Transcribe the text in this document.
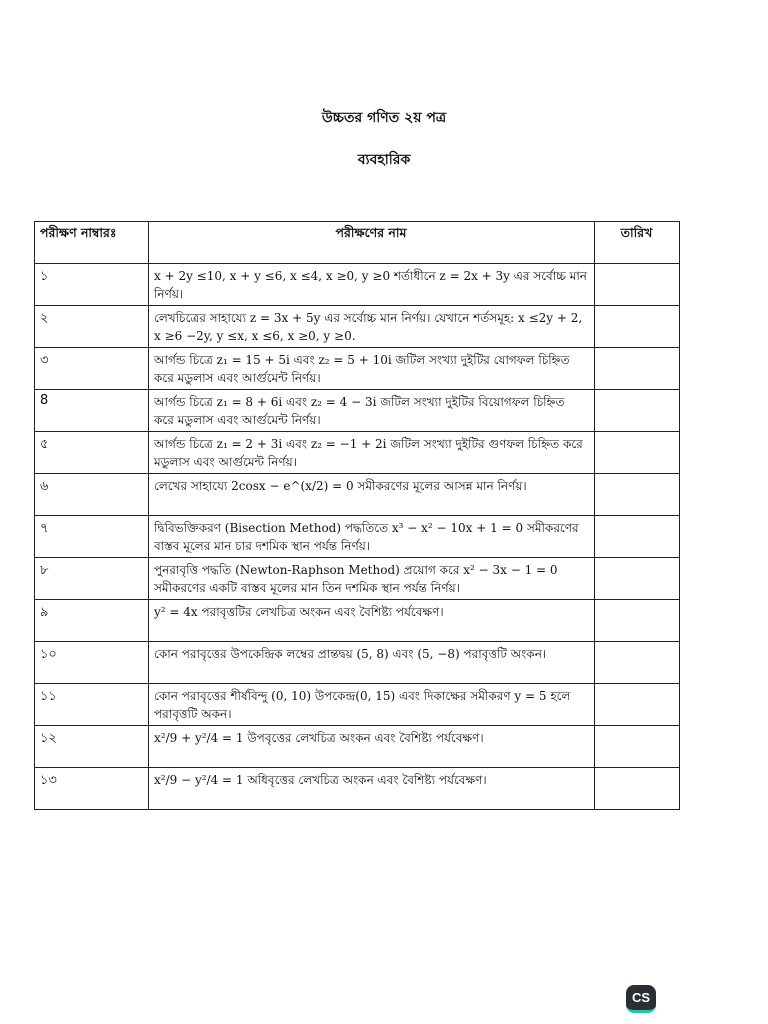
উচ্চতর গণিত ২য় পত্র
ব্যবহারিক
পরীক্ষণ নাম্বারঃ	পরীক্ষণের নাম	তারিখ
১	x + 2y ≤10, x + y ≤6, x ≤4, x ≥0, y ≥0 শর্তাধীনে z = 2x + 3y এর সর্বোচ্চ মান নির্ণয়।	
২	লেখচিত্রের সাহায্যে z = 3x + 5y এর সর্বোচ্চ মান নির্ণয়। যেখানে শর্তসমূহ: x ≤2y + 2, x ≥6 −2y, y ≤x, x ≤6, x ≥0, y ≥0.	
৩	আর্গন্ড চিত্রে z₁ = 15 + 5i এবং z₂ = 5 + 10i জটিল সংখ্যা দুইটির যোগফল চিহ্নিত করে মডুলাস এবং আর্গুমেন্ট নির্ণয়।	
8	আর্গন্ড চিত্রে z₁ = 8 + 6i এবং z₂ = 4 − 3i জটিল সংখ্যা দুইটির বিয়োগফল চিহ্নিত করে মডুলাস এবং আর্গুমেন্ট নির্ণয়।	
৫	আর্গন্ড চিত্রে z₁ = 2 + 3i এবং z₂ = −1 + 2i জটিল সংখ্যা দুইটির গুণফল চিহ্নিত করে মডুলাস এবং আর্গুমেন্ট নির্ণয়।	
৬	লেখের সাহায্যে 2cosx − e^(x/2) = 0 সমীকরণের মূলের আসন্ন মান নির্ণয়।	
৭	দ্বিবিভক্তিকরণ (Bisection Method) পদ্ধতিতে x³ − x² − 10x + 1 = 0 সমীকরণের বাস্তব মূলের মান চার দশমিক স্থান পর্যন্ত নির্ণয়।	
৮	পুনরাবৃত্তি পদ্ধতি (Newton-Raphson Method) প্রয়োগ করে x² − 3x − 1 = 0 সমীকরণের একটি বাস্তব মূলের মান তিন দশমিক স্থান পর্যন্ত নির্ণয়।	
৯	y² = 4x পরাবৃত্তটির লেখচিত্র অংকন এবং বৈশিষ্ট্য পর্যবেক্ষণ।	
১০	কোন পরাবৃত্তের উপকেন্দ্রিক লম্বের প্রান্তদ্বয় (5, 8) এবং (5, −8) পরাবৃত্তটি অংকন।	
১১	কোন পরাবৃত্তের শীর্ষবিন্দু (0, 10) উপকেন্দ্র(0, 15) এবং দিকাক্ষের সমীকরণ y = 5 হলে পরাবৃত্তটি অকন।	
১২	x²/9 + y²/4 = 1 উপবৃত্তের লেখচিত্র অংকন এবং বৈশিষ্ট্য পর্যবেক্ষণ।	
১৩	x²/9 − y²/4 = 1 অধিবৃত্তের লেখচিত্র অংকন এবং বৈশিষ্ট্য পর্যবেক্ষণ।	
CS
